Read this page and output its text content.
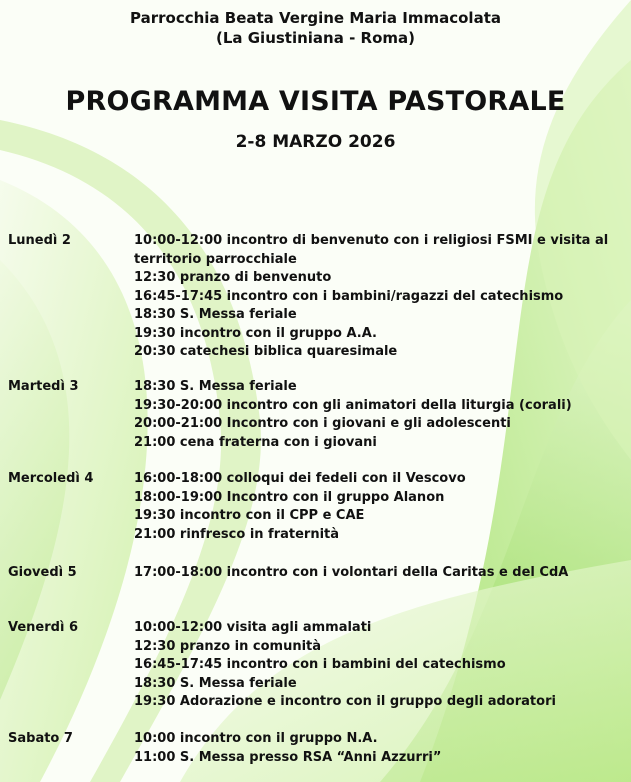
Parrocchia Beata Vergine Maria Immacolata
(La Giustiniana - Roma)
PROGRAMMA VISITA PASTORALE
2-8 MARZO 2026
Lunedì 2	10:00-12:00 incontro di benvenuto con i religiosi FSMI e visita al territorio parrocchiale
12:30 pranzo di benvenuto
16:45-17:45 incontro con i bambini/ragazzi del catechismo
18:30 S. Messa feriale
19:30 incontro con il gruppo A.A.
20:30 catechesi biblica quaresimale
Martedì 3	18:30 S. Messa feriale
19:30-20:00 incontro con gli animatori della liturgia (corali)
20:00-21:00 Incontro con i giovani e gli adolescenti
21:00 cena fraterna con i giovani
Mercoledì 4	16:00-18:00 colloqui dei fedeli con il Vescovo
18:00-19:00 Incontro con il gruppo Alanon
19:30 incontro con il CPP e CAE
21:00 rinfresco in fraternità
Giovedì 5	17:00-18:00 incontro con i volontari della Caritas e del CdA
Venerdì 6	10:00-12:00 visita agli ammalati
12:30 pranzo in comunità
16:45-17:45 incontro con i bambini del catechismo
18:30 S. Messa feriale
19:30 Adorazione e incontro con il gruppo degli adoratori
Sabato 7	10:00 incontro con il gruppo N.A.
11:00 S. Messa presso RSA “Anni Azzurri”
